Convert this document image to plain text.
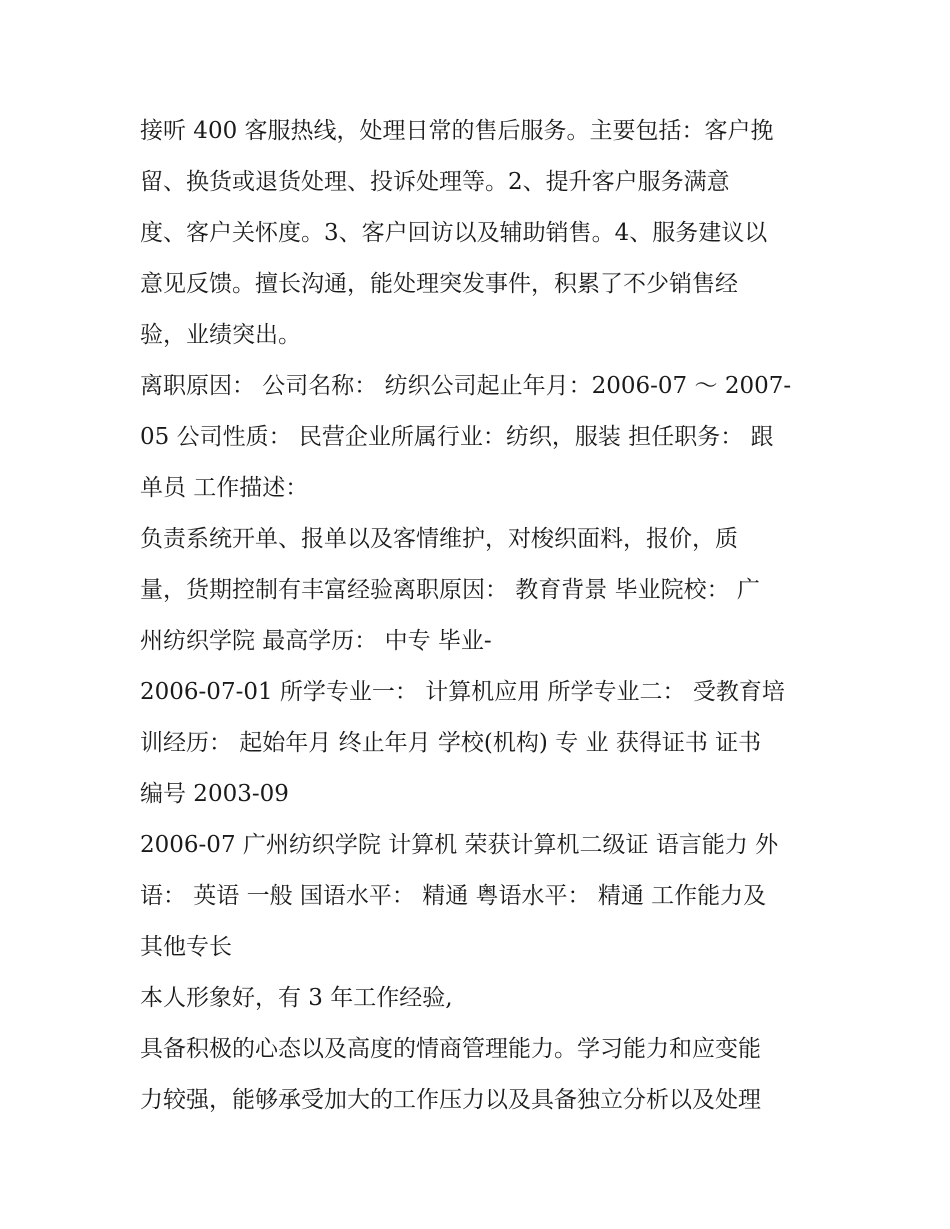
接听 400 客服热线，处理日常的售后服务。主要包括：客户挽
留、换货或退货处理、投诉处理等。2、提升客户服务满意
度、客户关怀度。3、客户回访以及辅助销售。4、服务建议以
意见反馈。擅长沟通，能处理突发事件，积累了不少销售经
验，业绩突出。
离职原因： 公司名称： 纺织公司起止年月：2006-07 ～ 2007-
05 公司性质： 民营企业所属行业：纺织，服装 担任职务： 跟
单员 工作描述：
负责系统开单、报单以及客情维护，对梭织面料，报价，质
量，货期控制有丰富经验离职原因： 教育背景 毕业院校： 广
州纺织学院 最高学历： 中专 毕业-
2006-07-01 所学专业一： 计算机应用 所学专业二： 受教育培
训经历： 起始年月 终止年月 学校(机构) 专 业 获得证书 证书
编号 2003-09
2006-07 广州纺织学院 计算机 荣获计算机二级证 语言能力 外
语： 英语 一般 国语水平： 精通 粤语水平： 精通 工作能力及
其他专长
本人形象好，有 3 年工作经验,
具备积极的心态以及高度的情商管理能力。学习能力和应变能
力较强，能够承受加大的工作压力以及具备独立分析以及处理
